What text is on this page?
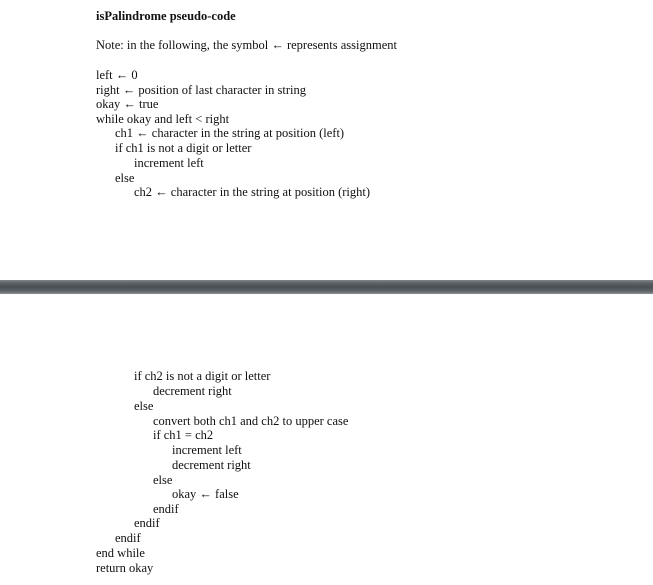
isPalindrome pseudo-code
Note: in the following, the symbol ← represents assignment
left ← 0
right ← position of last character in string
okay ← true
while okay and left < right
ch1 ← character in the string at position (left)
if ch1 is not a digit or letter
increment left
else
ch2 ← character in the string at position (right)
if ch2 is not a digit or letter
decrement right
else
convert both ch1 and ch2 to upper case
if ch1 = ch2
increment left
decrement right
else
okay ← false
endif
endif
endif
end while
return okay
